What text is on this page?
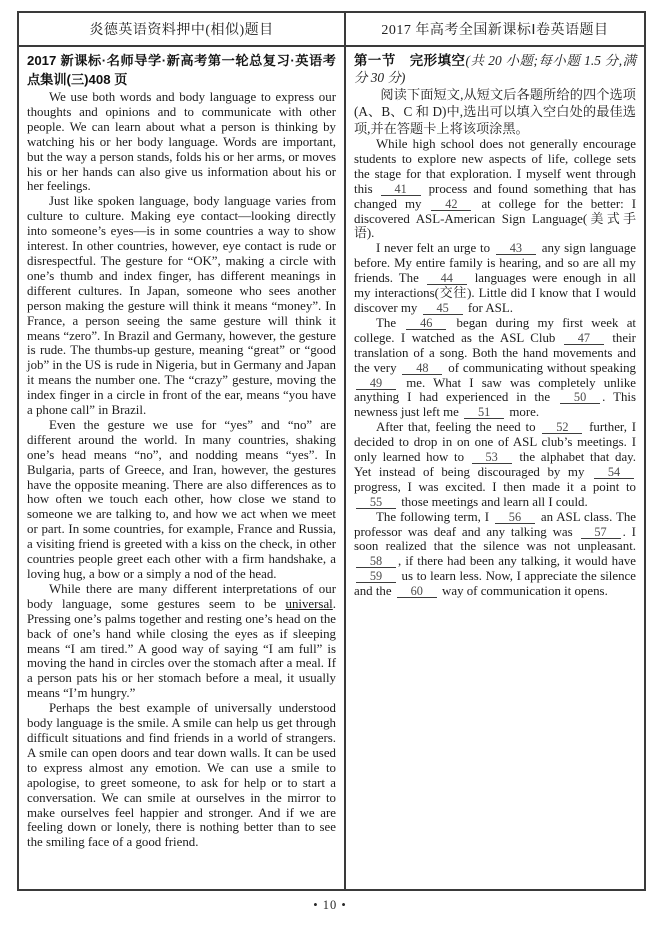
炎德英语资料押中(相似)题目	2017 年高考全国新课标Ⅰ卷英语题目
2017 新课标·名师导学·新高考第一轮总复习·英语考点集训(三)408 页

We use both words and body language to express our thoughts and opinions and to communicate with other people. We can learn about what a person is thinking by watching his or her body language. Words are important, but the way a person stands, folds his or her arms, or moves his or her hands can also give us information about his or her feelings.

Just like spoken language, body language varies from culture to culture. Making eye contact—looking directly into someone’s eyes—is in some countries a way to show interest. In other countries, however, eye contact is rude or disrespectful. The gesture for “OK”, making a circle with one’s thumb and index finger, has different meanings in different cultures. In Japan, someone who sees another person making the gesture will think it means “money”. In France, a person seeing the same gesture will think it means “zero”. In Brazil and Germany, however, the gesture is rude. The thumbs-up gesture, meaning “great” or “good job” in the US is rude in Nigeria, but in Germany and Japan it means the number one. The “crazy” gesture, moving the index finger in a circle in front of the ear, means “you have a phone call” in Brazil.

Even the gesture we use for “yes” and “no” are different around the world. In many countries, shaking one’s head means “no”, and nodding means “yes”. In Bulgaria, parts of Greece, and Iran, however, the gestures have the opposite meaning. There are also differences as to how often we touch each other, how close we stand to someone we are talking to, and how we act when we meet or part. In some countries, for example, France and Russia, a visiting friend is greeted with a kiss on the check, in other countries people greet each other with a firm handshake, a loving hug, a bow or a simply a nod of the head.

While there are many different interpretations of our body language, some gestures seem to be universal. Pressing one’s palms together and resting one’s head on the back of one’s hand while closing the eyes as if sleeping means “I am tired.” A good way of saying “I am full” is moving the hand in circles over the stomach after a meal. If a person pats his or her stomach before a meal, it usually means “I’m hungry.”

Perhaps the best example of universally understood body language is the smile. A smile can help us get through difficult situations and find friends in a world of strangers. A smile can open doors and tear down walls. It can be used to express almost any emotion. We can use a smile to apologise, to greet someone, to ask for help or to start a conversation. We can smile at ourselves in the mirror to make ourselves feel happier and stronger. And if we are feeling down or lonely, there is nothing better than to see the smiling face of a good friend.

第一节　完形填空(共 20 小题;每小题 1.5 分,满分 30 分)

阅读下面短文,从短文后各题所给的四个选项(A、B、C 和 D)中,选出可以填入空白处的最佳选项,并在答题卡上将该项涂黑。

While high school does not generally encourage students to explore new aspects of life, college sets the stage for that exploration. I myself went through this 41 process and found something that has changed my 42 at college for the better: I discovered ASL-American Sign Language(美式手语).

I never felt an urge to 43 any sign language before. My entire family is hearing, and so are all my friends. The 44 languages were enough in all my interactions(交往). Little did I know that I would discover my 45 for ASL.

The 46 began during my first week at college. I watched as the ASL Club 47 their translation of a song. Both the hand movements and the very 48 of communicating without speaking 49 me. What I saw was completely unlike anything I had experienced in the 50 . This newness just left me 51 more.

After that, feeling the need to 52 further, I decided to drop in on one of ASL club’s meetings. I only learned how to 53 the alphabet that day. Yet instead of being discouraged by my 54 progress, I was excited. I then made it a point to 55 those meetings and learn all I could.

The following term, I 56 an ASL class. The professor was deaf and any talking was 57 . I soon realized that the silence was not unpleasant. 58 , if there had been any talking, it would have 59 us to learn less. Now, I appreciate the silence and the 60 way of communication it opens.

• 10 •
